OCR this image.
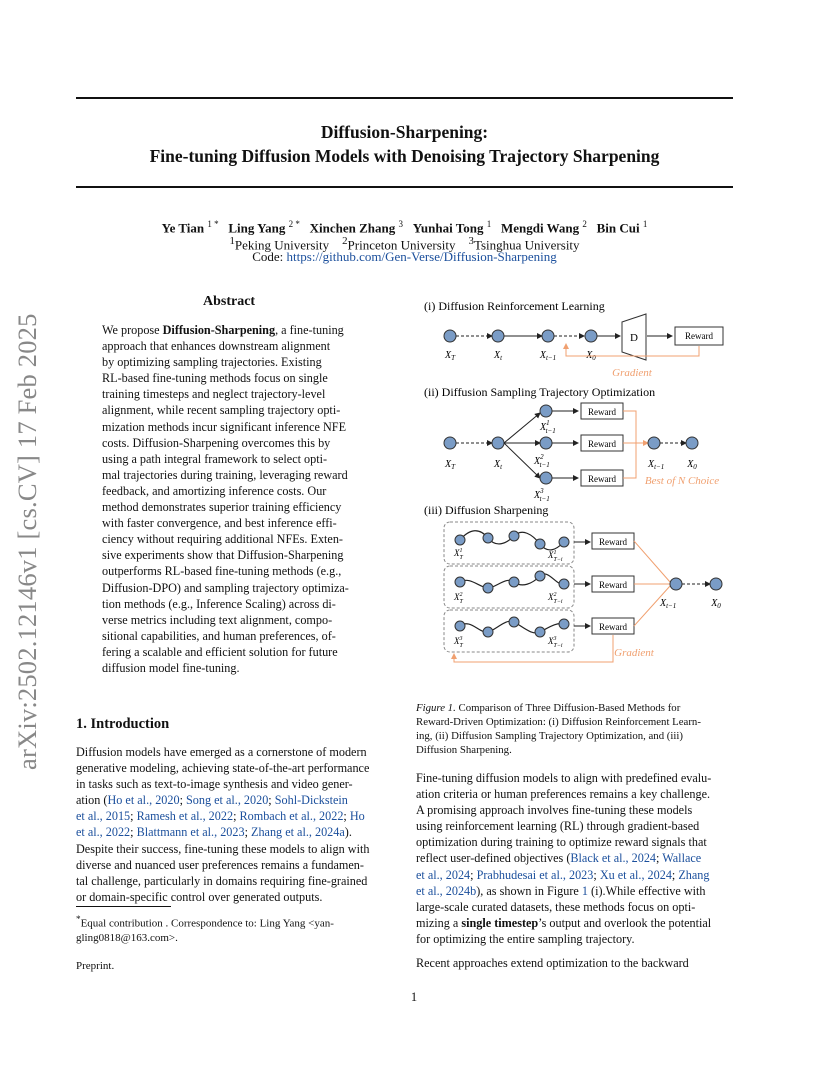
arXiv:2502.12146v1 [cs.CV] 17 Feb 2025
Diffusion-Sharpening:
Fine-tuning Diffusion Models with Denoising Trajectory Sharpening
Ye Tian $^{1 *}$ Ling Yang $^{2 *}$ Xinchen Zhang $^3$ Yunhai Tong $^1$ Mengdi Wang $^2$ Bin Cui $^1$
$^1$Peking University $^2$Princeton University $^3$Tsinghua University
Code: https://github.com/Gen-Verse/Diffusion-Sharpening
Abstract

We propose Diffusion-Sharpening, a fine-tuning

approach that enhances downstream alignment

by optimizing sampling trajectories. Existing

RL-based fine-tuning methods focus on single

training timesteps and neglect trajectory-level

alignment, while recent sampling trajectory opti-

mization methods incur significant inference NFE

costs. Diffusion-Sharpening overcomes this by

using a path integral framework to select opti-

mal trajectories during training, leveraging reward

feedback, and amortizing inference costs. Our

method demonstrates superior training efficiency

with faster convergence, and best inference effi-

ciency without requiring additional NFEs. Exten-

sive experiments show that Diffusion-Sharpening

outperforms RL-based fine-tuning methods (e.g.,

Diffusion-DPO) and sampling trajectory optimiza-

tion methods (e.g., Inference Scaling) across di-

verse metrics including text alignment, compo-

sitional capabilities, and human preferences, of-

fering a scalable and efficient solution for future

diffusion model fine-tuning.

1. Introduction

Diffusion models have emerged as a cornerstone of modern

generative modeling, achieving state-of-the-art performance

in tasks such as text-to-image synthesis and video gener-

ation (Ho et al., 2020; Song et al., 2020; Sohl-Dickstein

et al., 2015; Ramesh et al., 2022; Rombach et al., 2022; Ho

et al., 2022; Blattmann et al., 2023; Zhang et al., 2024a).

Despite their success, fine-tuning these models to align with

diverse and nuanced user preferences remains a fundamen-

tal challenge, particularly in domains requiring fine-grained

or domain-specific control over generated outputs.

*Equal contribution . Correspondence to: Ling Yang <yan-
gling0818@163.com>.
Preprint.
(i) Diffusion Reinforcement Learning
D	Reward
$X_T$	$X_t$	$X_{t-1}$	$X_0$
Gradient
(ii) Diffusion Sampling Trajectory Optimization
Reward
Reward
Reward
$X_T$	$X_t$
$X^1$ t−1
$X^2$ t−1
$X^3$ t−1
$X_{t-1}$ $X_0$
Best of N Choice
(iii) Diffusion Sharpening
$X^1$ T	$X^1$ T−i
$X^2$ T	$X^2$ T−i
$X^3$ T	$X^3$ T−i
Reward
Reward
Reward
$X_{t-1}$	$X_0$
Gradient
Figure 1. Comparison of Three Diffusion-Based Methods for
Reward-Driven Optimization: (i) Diffusion Reinforcement Learn-
ing, (ii) Diffusion Sampling Trajectory Optimization, and (iii)
Diffusion Sharpening.

Fine-tuning diffusion models to align with predefined evalu-

ation criteria or human preferences remains a key challenge.

A promising approach involves fine-tuning these models

using reinforcement learning (RL) through gradient-based

optimization during training to optimize reward signals that

reflect user-defined objectives (Black et al., 2024; Wallace

et al., 2024; Prabhudesai et al., 2023; Xu et al., 2024; Zhang

et al., 2024b), as shown in Figure 1 (i).While effective with

large-scale curated datasets, these methods focus on opti-

mizing a single timestep’s output and overlook the potential

for optimizing the entire sampling trajectory.

Recent approaches extend optimization to the backward

1
